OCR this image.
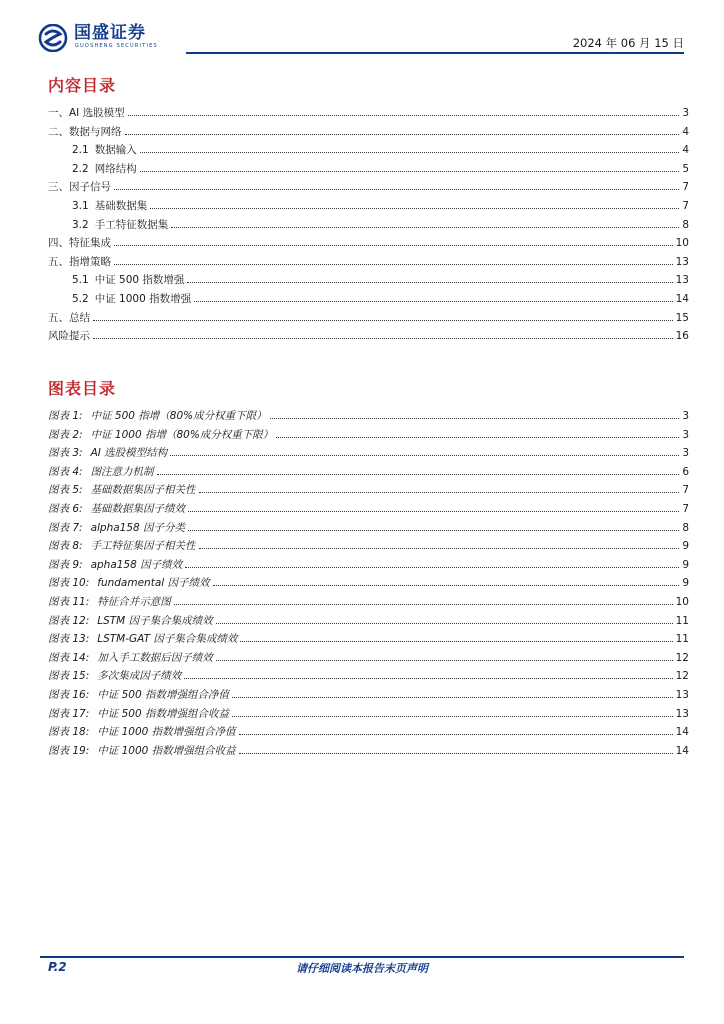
国盛证券
GUOSHENG SECURITIES	2024 年 06 月 15 日
内容目录
一、AI 选股模型	3
二、数据与网络	4
2.1 数据输入	4
2.2 网络结构	5
三、因子信号	7
3.1 基础数据集	7
3.2 手工特征数据集	8
四、特征集成	10
五、指增策略	13
5.1 中证 500 指数增强	13
5.2 中证 1000 指数增强	14
五、总结	15
风险提示	16
图表目录
图表 1: 中证 500 指增（80%成分权重下限）	3
图表 2: 中证 1000 指增（80%成分权重下限）	3
图表 3: AI 选股模型结构	3
图表 4: 图注意力机制	6
图表 5: 基础数据集因子相关性	7
图表 6: 基础数据集因子绩效	7
图表 7: alpha158 因子分类	8
图表 8: 手工特征集因子相关性	9
图表 9: apha158 因子绩效	9
图表 10: fundamental 因子绩效	9
图表 11: 特征合并示意图	10
图表 12: LSTM 因子集合集成绩效	11
图表 13: LSTM-GAT 因子集合集成绩效	11
图表 14: 加入手工数据后因子绩效	12
图表 15: 多次集成因子绩效	12
图表 16: 中证 500 指数增强组合净值	13
图表 17: 中证 500 指数增强组合收益	13
图表 18: 中证 1000 指数增强组合净值	14
图表 19: 中证 1000 指数增强组合收益	14
P.2	请仔细阅读本报告末页声明
